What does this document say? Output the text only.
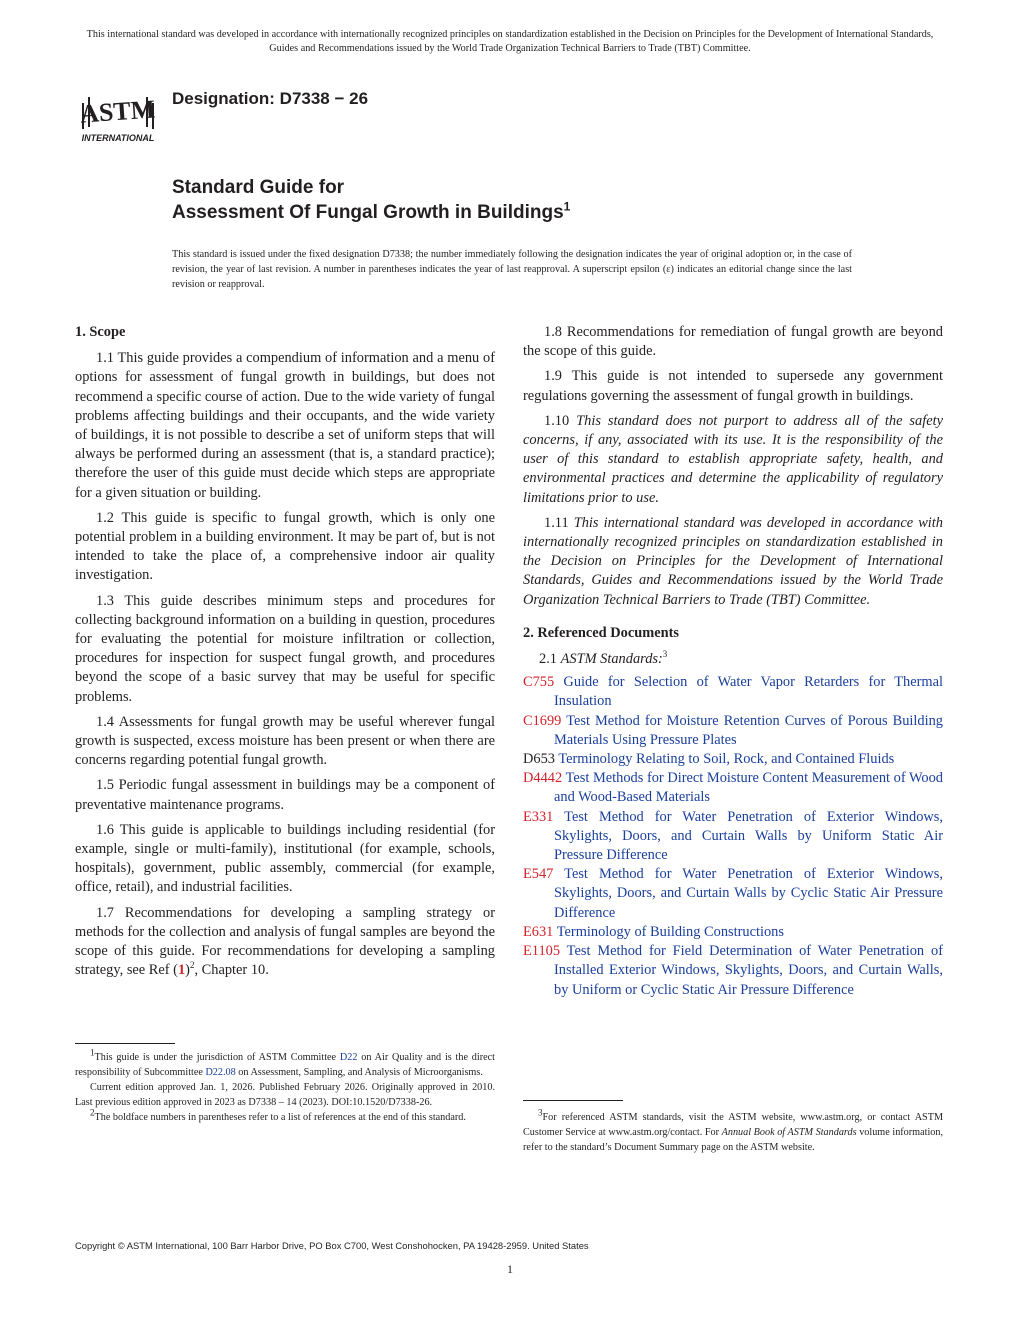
This international standard was developed in accordance with internationally recognized principles on standardization established in the Decision on Principles for the Development of International Standards, Guides and Recommendations issued by the World Trade Organization Technical Barriers to Trade (TBT) Committee.
ASTM
INTERNATIONAL
Designation: D7338 − 26
Standard Guide for
Assessment Of Fungal Growth in Buildings$^1$
This standard is issued under the fixed designation D7338; the number immediately following the designation indicates the year of original adoption or, in the case of revision, the year of last revision. A number in parentheses indicates the year of last reapproval. A superscript epsilon (ε) indicates an editorial change since the last revision or reapproval.
1. Scope

1.1 This guide provides a compendium of information and a menu of options for assessment of fungal growth in buildings, but does not recommend a specific course of action. Due to the wide variety of fungal problems affecting buildings and their occupants, and the wide variety of buildings, it is not possible to describe a set of uniform steps that will always be performed during an assessment (that is, a standard practice); therefore the user of this guide must decide which steps are appropriate for a given situation or building.

1.2 This guide is specific to fungal growth, which is only one potential problem in a building environment. It may be part of, but is not intended to take the place of, a comprehensive indoor air quality investigation.

1.3 This guide describes minimum steps and procedures for collecting background information on a building in question, procedures for evaluating the potential for moisture infiltration or collection, procedures for inspection for suspect fungal growth, and procedures beyond the scope of a basic survey that may be useful for specific problems.

1.4 Assessments for fungal growth may be useful wherever fungal growth is suspected, excess moisture has been present or when there are concerns regarding potential fungal growth.

1.5 Periodic fungal assessment in buildings may be a component of preventative maintenance programs.

1.6 This guide is applicable to buildings including residential (for example, single or multi-family), institutional (for example, schools, hospitals), government, public assembly, commercial (for example, office, retail), and industrial facilities.

1.7 Recommendations for developing a sampling strategy or methods for the collection and analysis of fungal samples are beyond the scope of this guide. For recommendations for developing a sampling strategy, see Ref $(1)^2$, Chapter 10.

1.8 Recommendations for remediation of fungal growth are beyond the scope of this guide.

1.9 This guide is not intended to supersede any government regulations governing the assessment of fungal growth in buildings.

1.10 This standard does not purport to address all of the safety concerns, if any, associated with its use. It is the responsibility of the user of this standard to establish appropriate safety, health, and environmental practices and determine the applicability of regulatory limitations prior to use.

1.11 This international standard was developed in accordance with internationally recognized principles on standardization established in the Decision on Principles for the Development of International Standards, Guides and Recommendations issued by the World Trade Organization Technical Barriers to Trade (TBT) Committee.

2. Referenced Documents
2.1 ASTM Standards:$^3$
C755 Guide for Selection of Water Vapor Retarders for Thermal Insulation
C1699 Test Method for Moisture Retention Curves of Porous Building Materials Using Pressure Plates
D653 Terminology Relating to Soil, Rock, and Contained Fluids
D4442 Test Methods for Direct Moisture Content Measurement of Wood and Wood-Based Materials
E331 Test Method for Water Penetration of Exterior Windows, Skylights, Doors, and Curtain Walls by Uniform Static Air Pressure Difference
E547 Test Method for Water Penetration of Exterior Windows, Skylights, Doors, and Curtain Walls by Cyclic Static Air Pressure Difference
E631 Terminology of Building Constructions
E1105 Test Method for Field Determination of Water Penetration of Installed Exterior Windows, Skylights, Doors, and Curtain Walls, by Uniform or Cyclic Static Air Pressure Difference

$^1$This guide is under the jurisdiction of ASTM Committee D22 on Air Quality and is the direct responsibility of Subcommittee D22.08 on Assessment, Sampling, and Analysis of Microorganisms.

Current edition approved Jan. 1, 2026. Published February 2026. Originally approved in 2010. Last previous edition approved in 2023 as D7338 – 14 (2023). DOI:10.1520/D7338-26.

$^2$The boldface numbers in parentheses refer to a list of references at the end of this standard.	$^3$For referenced ASTM standards, visit the ASTM website, www.astm.org, or contact ASTM Customer Service at www.astm.org/contact. For Annual Book of ASTM Standards volume information, refer to the standard’s Document Summary page on the ASTM website.

Copyright © ASTM International, 100 Barr Harbor Drive, PO Box C700, West Conshohocken, PA 19428-2959. United States
1
